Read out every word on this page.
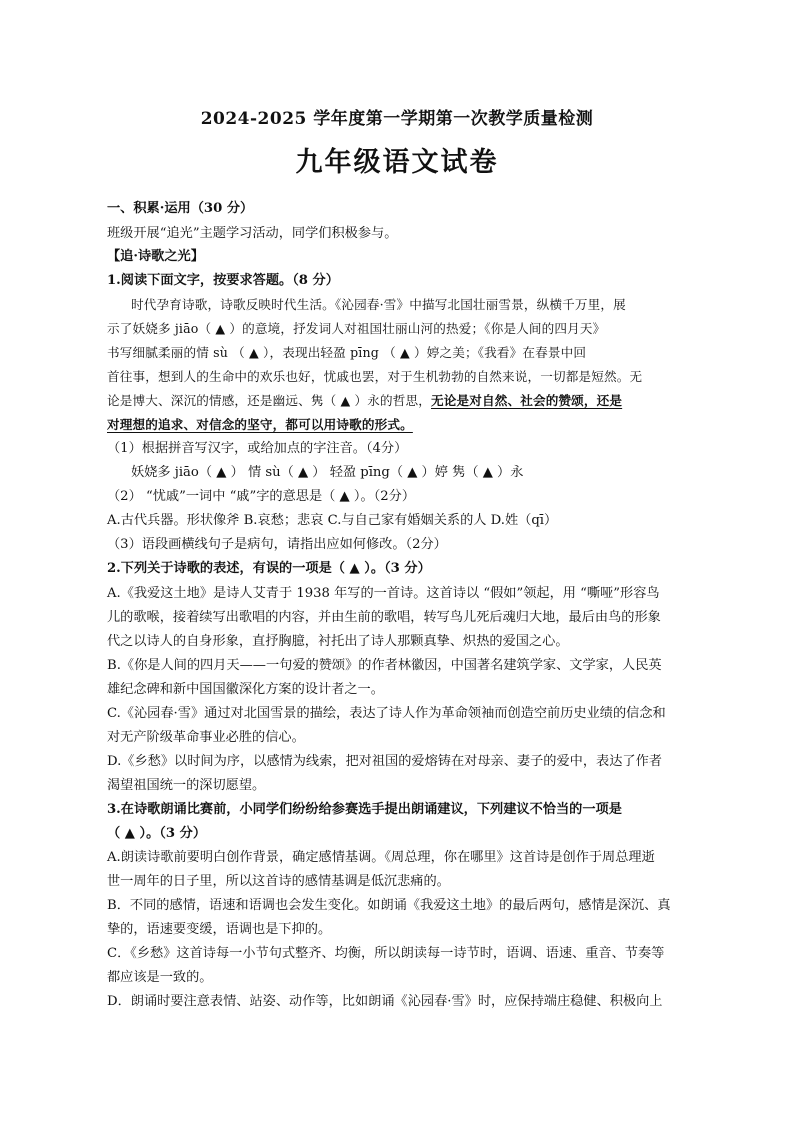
2024-2025 学年度第一学期第一次教学质量检测
九年级语文试卷
一、积累·运用（30 分）
班级开展“追光”主题学习活动，同学们积极参与。
【追·诗歌之光】
1.阅读下面文字，按要求答题。（8 分）
时代孕育诗歌，诗歌反映时代生活。《沁园春·雪》中描写北国壮丽雪景，纵横千万里，展
示了妖娆多 jiāo（ ▲ ）的意境，抒发词人对祖国壮丽山河的热爱；《你是人间的四月天》
书写细腻柔丽的情 sù （ ▲ ），表现出轻盈 pīng （ ▲ ）婷之美；《我看》在春景中回
首往事，想到人的生命中的欢乐也好，忧戚也罢，对于生机勃勃的自然来说，一切都是短然。无
论是博大、深沉的情感，还是幽远、隽（ ▲ ）永的哲思，无论是对自然、社会的赞颂，还是
对理想的追求、对信念的坚守，都可以用诗歌的形式。
（1）根据拼音写汉字，或给加点的字注音。（4分）
妖娆多 jiāo（ ▲ ） 情 sù（ ▲ ） 轻盈 pīng（ ▲ ）婷 隽（ ▲ ）永
（2） “忧戚”一词中 “戚”字的意思是（ ▲ ）。（2分）
A.古代兵器。形状像斧 B.哀愁；悲哀 C.与自己家有婚姻关系的人 D.姓（qī）
（3）语段画横线句子是病句，请指出应如何修改。（2分）
2.下列关于诗歌的表述，有误的一项是（ ▲ ）。（3 分）
A.《我爱这土地》是诗人艾青于 1938 年写的一首诗。这首诗以 “假如”领起，用 “嘶哑”形容鸟
儿的歌喉，接着续写出歌唱的内容，并由生前的歌唱，转写鸟儿死后魂归大地，最后由鸟的形象
代之以诗人的自身形象，直抒胸臆，衬托出了诗人那颗真挚、炽热的爱国之心。
B.《你是人间的四月天——一句爱的赞颂》的作者林徽因，中国著名建筑学家、文学家，人民英
雄纪念碑和新中国国徽深化方案的设计者之一。
C.《沁园春·雪》通过对北国雪景的描绘，表达了诗人作为革命领袖而创造空前历史业绩的信念和
对无产阶级革命事业必胜的信心。
D.《乡愁》以时间为序，以感情为线索，把对祖国的爱熔铸在对母亲、妻子的爱中，表达了作者
渴望祖国统一的深切愿望。
3.在诗歌朗诵比赛前，小同学们纷纷给参赛选手提出朗诵建议，下列建议不恰当的一项是
（ ▲ ）。（3 分）
A.朗读诗歌前要明白创作背景，确定感情基调。《周总理，你在哪里》这首诗是创作于周总理逝
世一周年的日子里，所以这首诗的感情基调是低沉悲痛的。
B．不同的感情，语速和语调也会发生变化。如朗诵《我爱这土地》的最后两句，感情是深沉、真
挚的，语速要变缓，语调也是下抑的。
C．《乡愁》这首诗每一小节句式整齐、均衡，所以朗读每一诗节时，语调、语速、重音、节奏等
都应该是一致的。
D．朗诵时要注意表情、站姿、动作等，比如朗诵《沁园春·雪》时，应保持端庄稳健、积极向上
